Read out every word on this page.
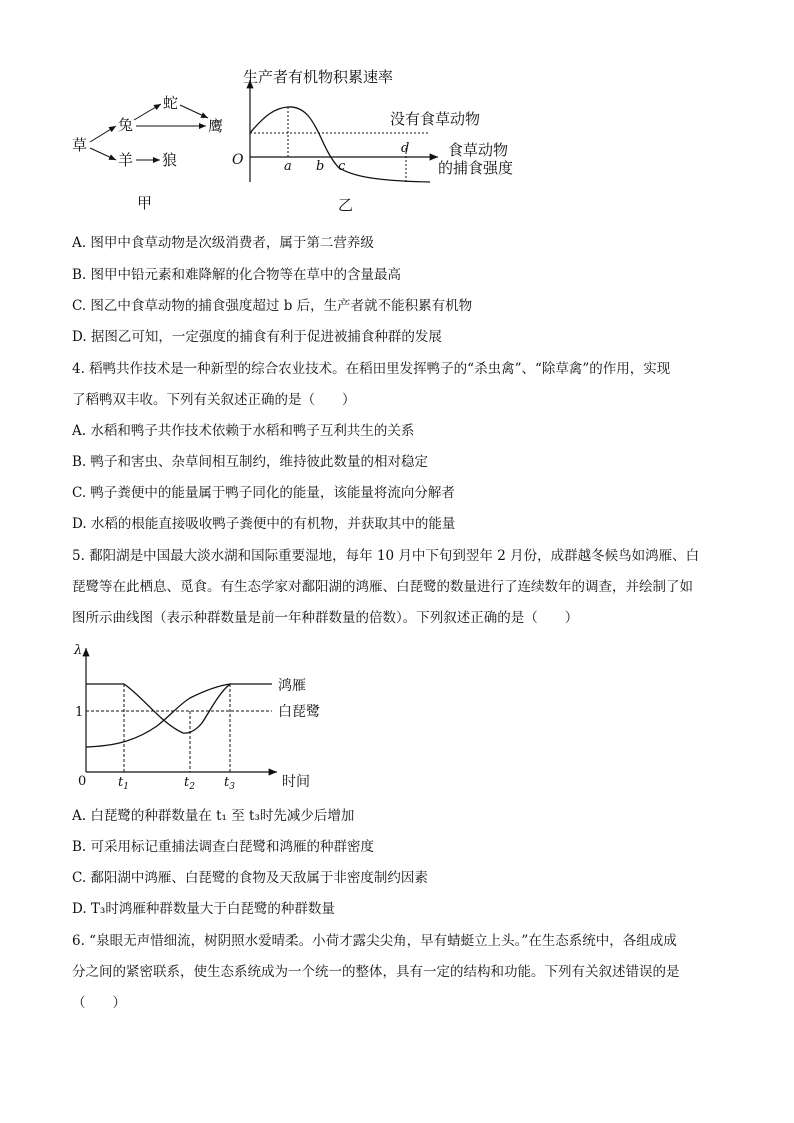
草
兔
蛇
鹰
羊 狼
甲
生产者有机物积累速率
O
没有食草动物
a b c
d	食草动物
的捕食强度
乙
A. 图甲中食草动物是次级消费者，属于第二营养级
B. 图甲中铅元素和难降解的化合物等在草中的含量最高
C. 图乙中食草动物的捕食强度超过 b 后，生产者就不能积累有机物
D. 据图乙可知，一定强度的捕食有利于促进被捕食种群的发展
4. 稻鸭共作技术是一种新型的综合农业技术。在稻田里发挥鸭子的“杀虫禽”、“除草禽”的作用，实现
了稻鸭双丰收。下列有关叙述正确的是（　　）
A. 水稻和鸭子共作技术依赖于水稻和鸭子互利共生的关系
B. 鸭子和害虫、杂草间相互制约，维持彼此数量的相对稳定
C. 鸭子粪便中的能量属于鸭子同化的能量，该能量将流向分解者
D. 水稻的根能直接吸收鸭子粪便中的有机物，并获取其中的能量
5. 鄱阳湖是中国最大淡水湖和国际重要湿地，每年 10 月中下旬到翌年 2 月份，成群越冬候鸟如鸿雁、白
琵鹭等在此栖息、觅食。有生态学家对鄱阳湖的鸿雁、白琵鹭的数量进行了连续数年的调查，并绘制了如
图所示曲线图（表示种群数量是前一年种群数量的倍数）。下列叙述正确的是（　　）
λ
0
1
鸿雁
白琵鹭
$t_1$	$t_2$ $t_3$	时间
A. 白琵鹭的种群数量在 t₁ 至 t₃时先减少后增加
B. 可采用标记重捕法调查白琵鹭和鸿雁的种群密度
C. 鄱阳湖中鸿雁、白琵鹭的食物及天敌属于非密度制约因素
D. T₃时鸿雁种群数量大于白琵鹭的种群数量
6. “泉眼无声惜细流，树阴照水爱晴柔。小荷才露尖尖角，早有蜻蜓立上头。”在生态系统中，各组成成
分之间的紧密联系，使生态系统成为一个统一的整体，具有一定的结构和功能。下列有关叙述错误的是
（　　）
